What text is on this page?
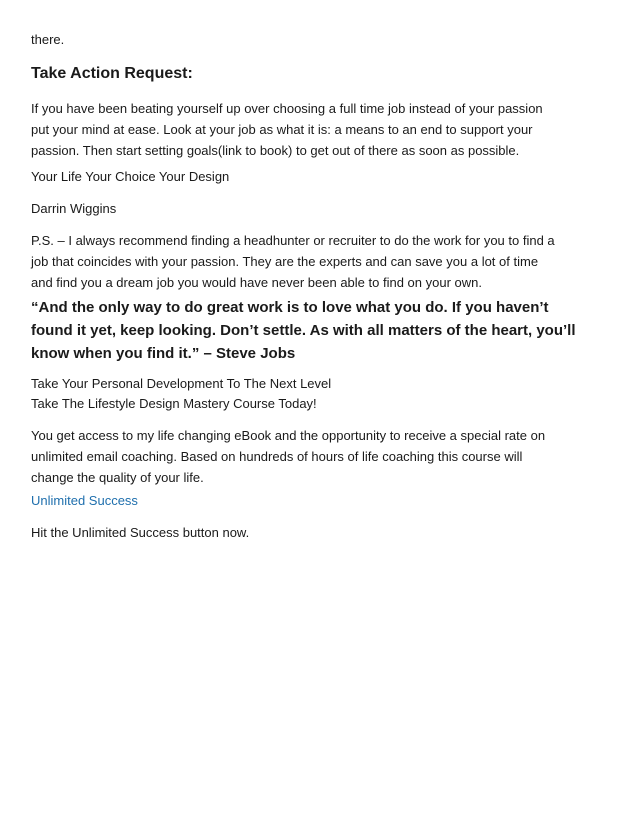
there.

Take Action Request:

If you have been beating yourself up over choosing a full time job instead of your passion
put your mind at ease. Look at your job as what it is: a means to an end to support your
passion. Then start setting goals(link to book) to get out of there as soon as possible.

Your Life Your Choice Your Design

Darrin Wiggins

P.S. – I always recommend finding a headhunter or recruiter to do the work for you to find a
job that coincides with your passion. They are the experts and can save you a lot of time
and find you a dream job you would have never been able to find on your own.

“And the only way to do great work is to love what you do. If you haven’t
found it yet, keep looking. Don’t settle. As with all matters of the heart, you’ll
know when you find it.” – Steve Jobs

Take Your Personal Development To The Next Level
Take The Lifestyle Design Mastery Course Today!

You get access to my life changing eBook and the opportunity to receive a special rate on
unlimited email coaching. Based on hundreds of hours of life coaching this course will
change the quality of your life.

Unlimited Success

Hit the Unlimited Success button now.
